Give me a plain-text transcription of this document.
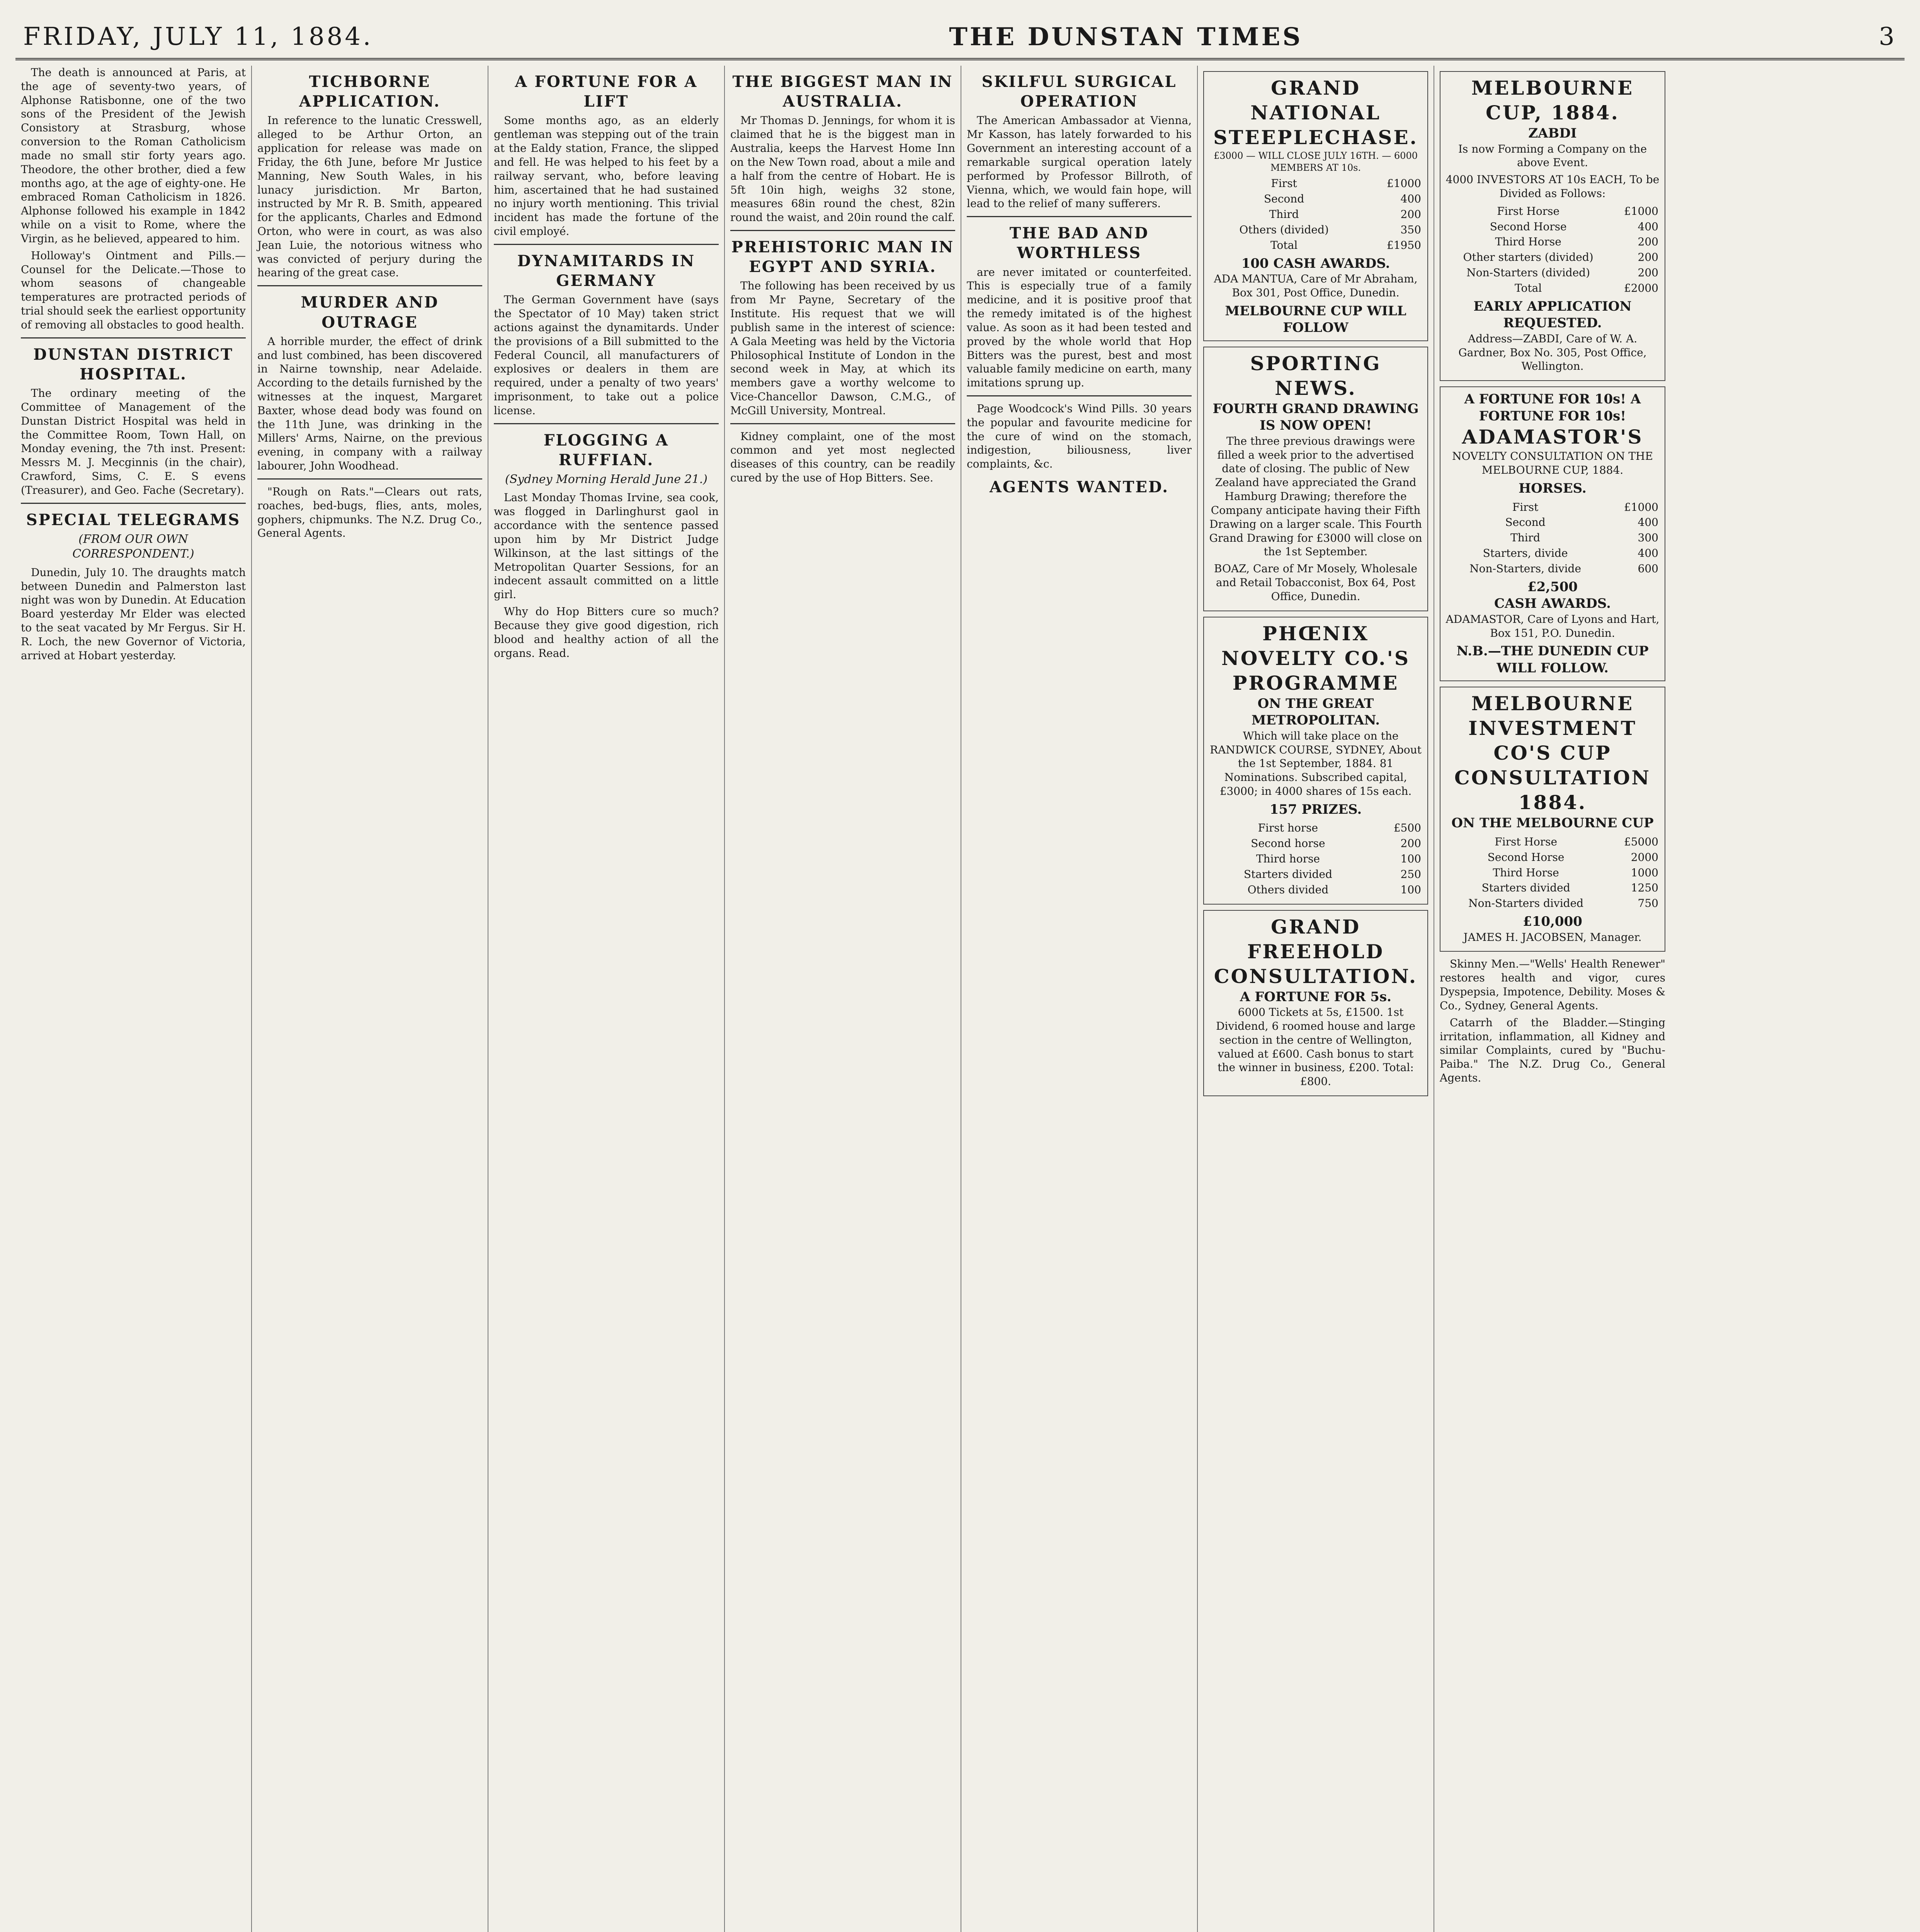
FRIDAY, JULY 11, 1884.	THE DUNSTAN TIMES	3

The death is announced at Paris, at the age of seventy-two years, of Alphonse Ratisbonne, one of the two sons of the President of the Jewish Consistory at Strasburg, whose conversion to the Roman Catholicism made no small stir forty years ago. Theodore, the other brother, died a few months ago, at the age of eighty-one. He embraced Roman Catholicism in 1826. Alphonse followed his example in 1842 while on a visit to Rome, where the Virgin, as he believed, appeared to him.

Holloway's Ointment and Pills.—Counsel for the Delicate.—Those to whom seasons of changeable temperatures are protracted periods of trial should seek the earliest opportunity of removing all obstacles to good health.

DUNSTAN DISTRICT HOSPITAL.

The ordinary meeting of the Committee of Management of the Dunstan District Hospital was held in the Committee Room, Town Hall, on Monday evening, the 7th inst. Present: Messrs M. J. Mecginnis (in the chair), Crawford, Sims, C. E. S evens (Treasurer), and Geo. Fache (Secretary).

SPECIAL TELEGRAMS
(FROM OUR OWN CORRESPONDENT.)

Dunedin, July 10. The draughts match between Dunedin and Palmerston last night was won by Dunedin. At Education Board yesterday Mr Elder was elected to the seat vacated by Mr Fergus. Sir H. R. Loch, the new Governor of Victoria, arrived at Hobart yesterday.

TICHBORNE APPLICATION.

In reference to the lunatic Cresswell, alleged to be Arthur Orton, an application for release was made on Friday, the 6th June, before Mr Justice Manning, New South Wales, in his lunacy jurisdiction. Mr Barton, instructed by Mr R. B. Smith, appeared for the applicants, Charles and Edmond Orton, who were in court, as was also Jean Luie, the notorious witness who was convicted of perjury during the hearing of the great case.

MURDER AND OUTRAGE

A horrible murder, the effect of drink and lust combined, has been discovered in Nairne township, near Adelaide. According to the details furnished by the witnesses at the inquest, Margaret Baxter, whose dead body was found on the 11th June, was drinking in the Millers' Arms, Nairne, on the previous evening, in company with a railway labourer, John Woodhead.

"Rough on Rats."—Clears out rats, roaches, bed-bugs, flies, ants, moles, gophers, chipmunks. The N.Z. Drug Co., General Agents.

A FORTUNE FOR A LIFT

Some months ago, as an elderly gentleman was stepping out of the train at the Ealdy station, France, the slipped and fell. He was helped to his feet by a railway servant, who, before leaving him, ascertained that he had sustained no injury worth mentioning. This trivial incident has made the fortune of the civil employé.

DYNAMITARDS IN GERMANY

The German Government have (says the Spectator of 10 May) taken strict actions against the dynamitards. Under the provisions of a Bill submitted to the Federal Council, all manufacturers of explosives or dealers in them are required, under a penalty of two years' imprisonment, to take out a police license.

FLOGGING A RUFFIAN.
(Sydney Morning Herald June 21.)

Last Monday Thomas Irvine, sea cook, was flogged in Darlinghurst gaol in accordance with the sentence passed upon him by Mr District Judge Wilkinson, at the last sittings of the Metropolitan Quarter Sessions, for an indecent assault committed on a little girl.

Why do Hop Bitters cure so much? Because they give good digestion, rich blood and healthy action of all the organs. Read.

THE BIGGEST MAN IN AUSTRALIA.

Mr Thomas D. Jennings, for whom it is claimed that he is the biggest man in Australia, keeps the Harvest Home Inn on the New Town road, about a mile and a half from the centre of Hobart. He is 5ft 10in high, weighs 32 stone, measures 68in round the chest, 82in round the waist, and 20in round the calf.

PREHISTORIC MAN IN EGYPT AND SYRIA.

The following has been received by us from Mr Payne, Secretary of the Institute. His request that we will publish same in the interest of science: A Gala Meeting was held by the Victoria Philosophical Institute of London in the second week in May, at which its members gave a worthy welcome to Vice-Chancellor Dawson, C.M.G., of McGill University, Montreal.

Kidney complaint, one of the most common and yet most neglected diseases of this country, can be readily cured by the use of Hop Bitters. See.

SKILFUL SURGICAL OPERATION

The American Ambassador at Vienna, Mr Kasson, has lately forwarded to his Government an interesting account of a remarkable surgical operation lately performed by Professor Billroth, of Vienna, which, we would fain hope, will lead to the relief of many sufferers.

THE BAD AND WORTHLESS

are never imitated or counterfeited. This is especially true of a family medicine, and it is positive proof that the remedy imitated is of the highest value. As soon as it had been tested and proved by the whole world that Hop Bitters was the purest, best and most valuable family medicine on earth, many imitations sprung up.

Page Woodcock's Wind Pills. 30 years the popular and favourite medicine for the cure of wind on the stomach, indigestion, biliousness, liver complaints, &c.

AGENTS WANTED.
GRAND NATIONAL STEEPLECHASE.
£3000 — WILL CLOSE JULY 16TH. — 6000 MEMBERS AT 10s.
First	£1000
Second	400
Third	200
Others (divided)	350
Total	£1950
100 CASH AWARDS.

ADA MANTUA, Care of Mr Abraham, Box 301, Post Office, Dunedin.

MELBOURNE CUP WILL FOLLOW
SPORTING NEWS.
FOURTH GRAND DRAWING IS NOW OPEN!

The three previous drawings were filled a week prior to the advertised date of closing. The public of New Zealand have appreciated the Grand Hamburg Drawing; therefore the Company anticipate having their Fifth Drawing on a larger scale. This Fourth Grand Drawing for £3000 will close on the 1st September.

BOAZ, Care of Mr Mosely, Wholesale and Retail Tobacconist, Box 64, Post Office, Dunedin.

PHŒNIX NOVELTY CO.'S PROGRAMME
ON THE GREAT METROPOLITAN.

Which will take place on the RANDWICK COURSE, SYDNEY, About the 1st September, 1884. 81 Nominations. Subscribed capital, £3000; in 4000 shares of 15s each.

157 PRIZES.
First horse	£500
Second horse	200
Third horse	100
Starters divided	250
Others divided	100
GRAND FREEHOLD CONSULTATION.
A FORTUNE FOR 5s.

6000 Tickets at 5s, £1500. 1st Dividend, 6 roomed house and large section in the centre of Wellington, valued at £600. Cash bonus to start the winner in business, £200. Total: £800.

MELBOURNE CUP, 1884.
ZABDI

Is now Forming a Company on the above Event.

4000 INVESTORS AT 10s EACH, To be Divided as Follows:

First Horse	£1000
Second Horse	400
Third Horse	200
Other starters (divided)	200
Non-Starters (divided)	200
Total	£2000
EARLY APPLICATION REQUESTED.

Address—ZABDI, Care of W. A. Gardner, Box No. 305, Post Office, Wellington.

A FORTUNE FOR 10s! A FORTUNE FOR 10s!
ADAMASTOR'S

NOVELTY CONSULTATION ON THE MELBOURNE CUP, 1884.

HORSES.
First	£1000
Second	400
Third	300
Starters, divide	400
Non-Starters, divide	600
£2,500
CASH AWARDS.

ADAMASTOR, Care of Lyons and Hart, Box 151, P.O. Dunedin.

N.B.—THE DUNEDIN CUP WILL FOLLOW.
MELBOURNE INVESTMENT CO'S CUP CONSULTATION 1884.
ON THE MELBOURNE CUP
First Horse	£5000
Second Horse	2000
Third Horse	1000
Starters divided	1250
Non-Starters divided	750
£10,000

JAMES H. JACOBSEN, Manager.

Skinny Men.—"Wells' Health Renewer" restores health and vigor, cures Dyspepsia, Impotence, Debility. Moses & Co., Sydney, General Agents.

Catarrh of the Bladder.—Stinging irritation, inflammation, all Kidney and similar Complaints, cured by "Buchu-Paiba." The N.Z. Drug Co., General Agents.
